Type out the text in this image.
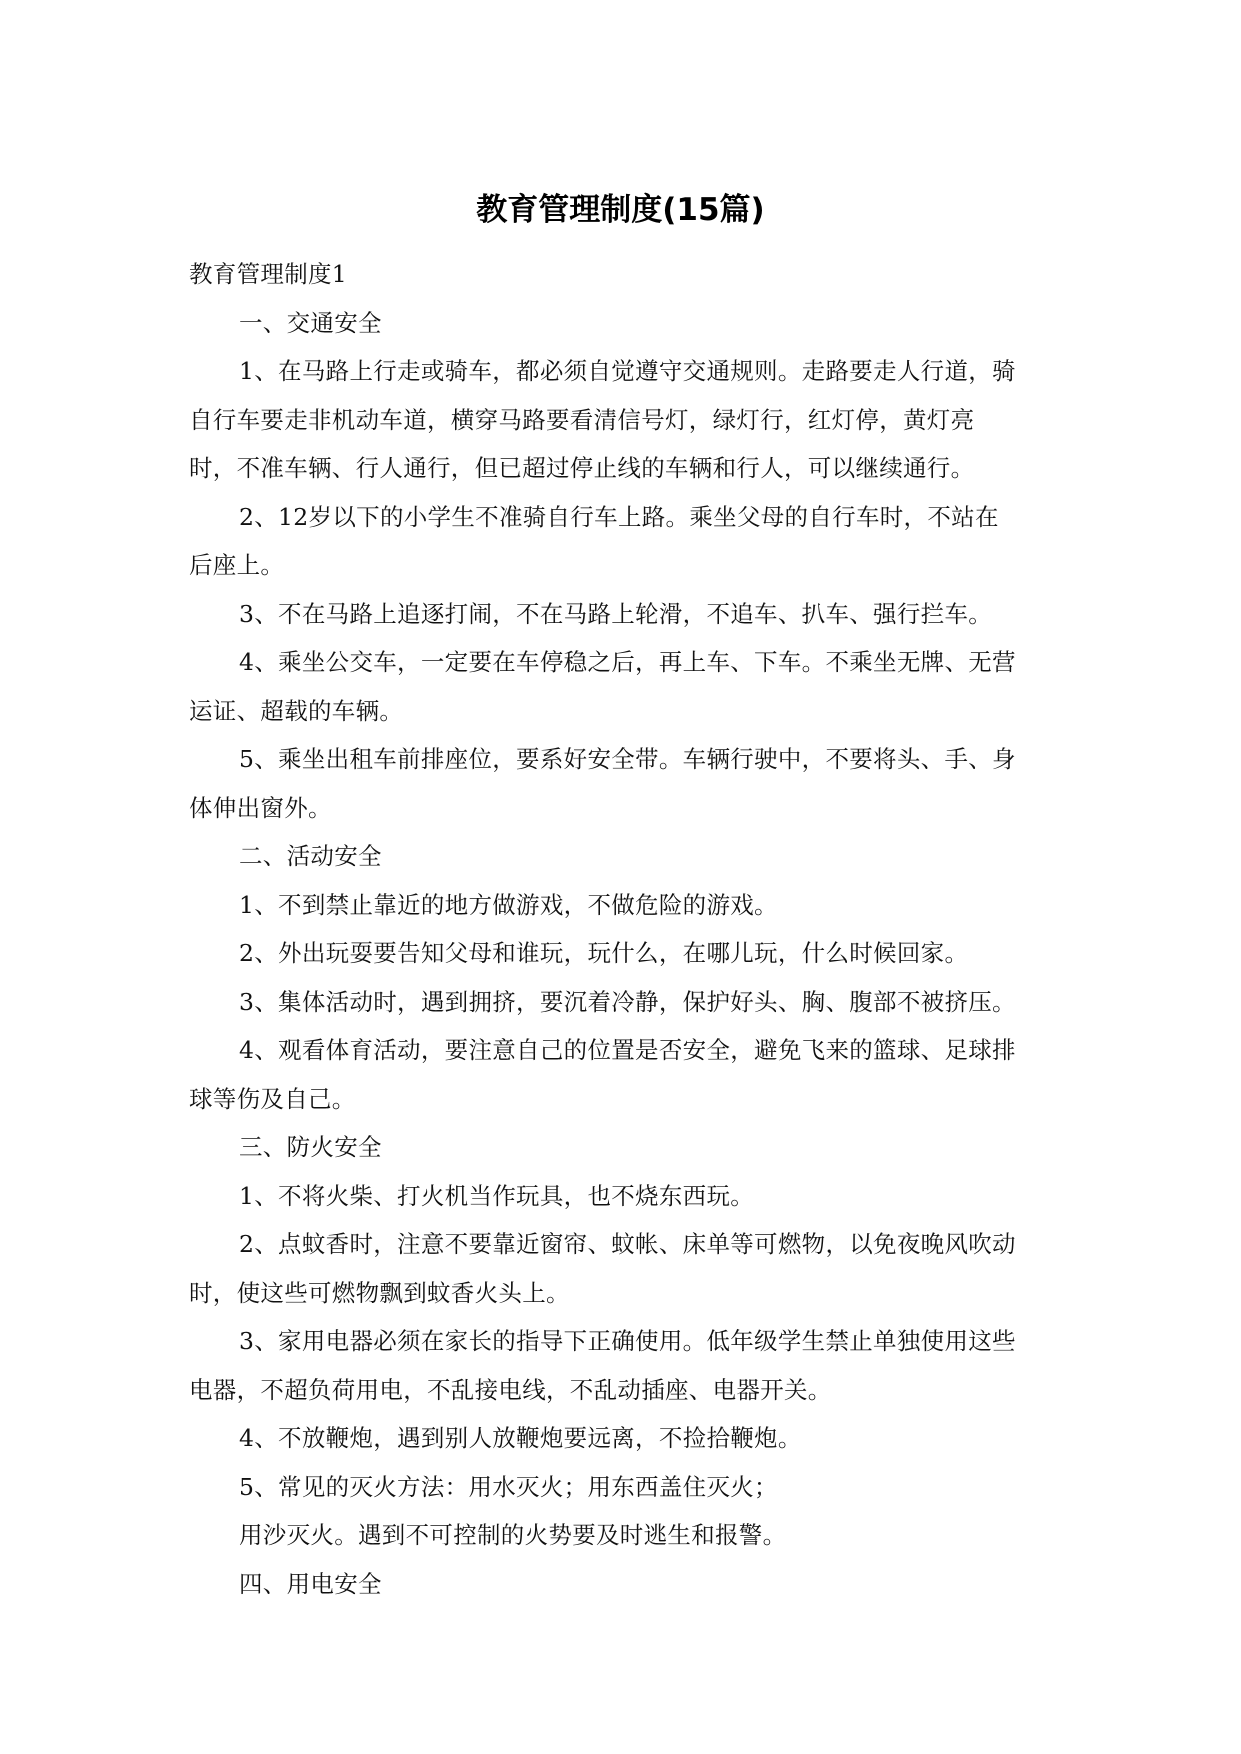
教育管理制度(15篇)

教育管理制度1

一、交通安全

1、在马路上行走或骑车，都必须自觉遵守交通规则。走路要走人行道，骑

自行车要走非机动车道，横穿马路要看清信号灯，绿灯行，红灯停，黄灯亮

时，不准车辆、行人通行，但已超过停止线的车辆和行人，可以继续通行。

2、12岁以下的小学生不准骑自行车上路。乘坐父母的自行车时，不站在

后座上。

3、不在马路上追逐打闹，不在马路上轮滑，不追车、扒车、强行拦车。

4、乘坐公交车，一定要在车停稳之后，再上车、下车。不乘坐无牌、无营

运证、超载的车辆。

5、乘坐出租车前排座位，要系好安全带。车辆行驶中，不要将头、手、身

体伸出窗外。

二、活动安全

1、不到禁止靠近的地方做游戏，不做危险的游戏。

2、外出玩耍要告知父母和谁玩，玩什么，在哪儿玩，什么时候回家。

3、集体活动时，遇到拥挤，要沉着冷静，保护好头、胸、腹部不被挤压。

4、观看体育活动，要注意自己的位置是否安全，避免飞来的篮球、足球排

球等伤及自己。

三、防火安全

1、不将火柴、打火机当作玩具，也不烧东西玩。

2、点蚊香时，注意不要靠近窗帘、蚊帐、床单等可燃物，以免夜晚风吹动

时，使这些可燃物飘到蚊香火头上。

3、家用电器必须在家长的指导下正确使用。低年级学生禁止单独使用这些

电器，不超负荷用电，不乱接电线，不乱动插座、电器开关。

4、不放鞭炮，遇到别人放鞭炮要远离，不捡拾鞭炮。

5、常见的灭火方法：用水灭火；用东西盖住灭火；

用沙灭火。遇到不可控制的火势要及时逃生和报警。

四、用电安全
